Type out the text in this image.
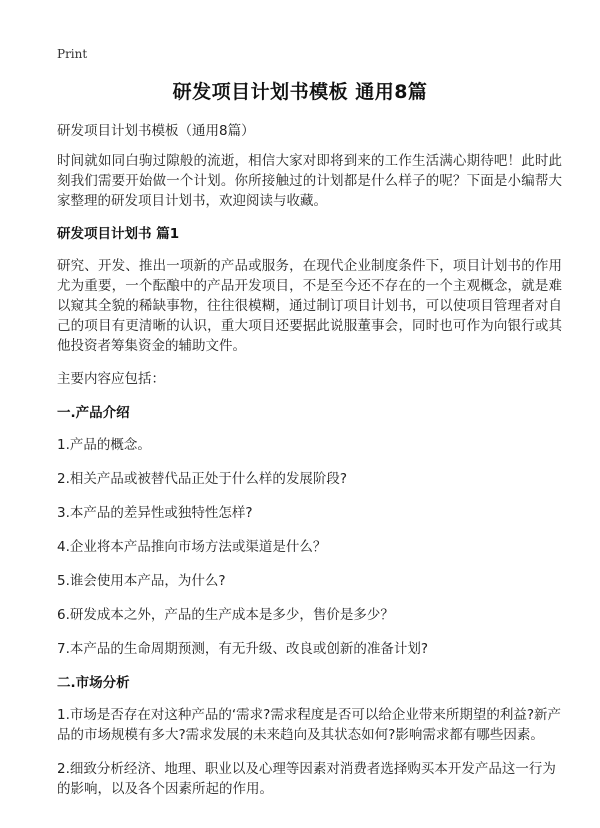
Print
研发项目计划书模板 通用8篇
研发项目计划书模板（通用8篇）
时间就如同白驹过隙般的流逝，相信大家对即将到来的工作生活满心期待吧！此时此刻我们需要开始做一个计划。你所接触过的计划都是什么样子的呢？下面是小编帮大家整理的研发项目计划书，欢迎阅读与收藏。
研发项目计划书 篇1
研究、开发、推出一项新的产品或服务，在现代企业制度条件下，项目计划书的作用尤为重要，一个酝酿中的产品开发项目，不是至今还不存在的一个主观概念，就是难以窥其全貌的稀缺事物，往往很模糊，通过制订项目计划书，可以使项目管理者对自己的项目有更清晰的认识，重大项目还要据此说服董事会，同时也可作为向银行或其他投资者筹集资金的辅助文件。
主要内容应包括：
一.产品介绍
1.产品的概念。
2.相关产品或被替代品正处于什么样的发展阶段?
3.本产品的差异性或独特性怎样?
4.企业将本产品推向市场方法或渠道是什么？
5.谁会使用本产品，为什么?
6.研发成本之外，产品的生产成本是多少，售价是多少？
7.本产品的生命周期预测，有无升级、改良或创新的准备计划?
二.市场分析
1.市场是否存在对这种产品的‘需求?需求程度是否可以给企业带来所期望的利益?新产品的市场规模有多大?需求发展的未来趋向及其状态如何?影响需求都有哪些因素。
2.细致分析经济、地理、职业以及心理等因素对消费者选择购买本开发产品这一行为的影响，以及各个因素所起的作用。
